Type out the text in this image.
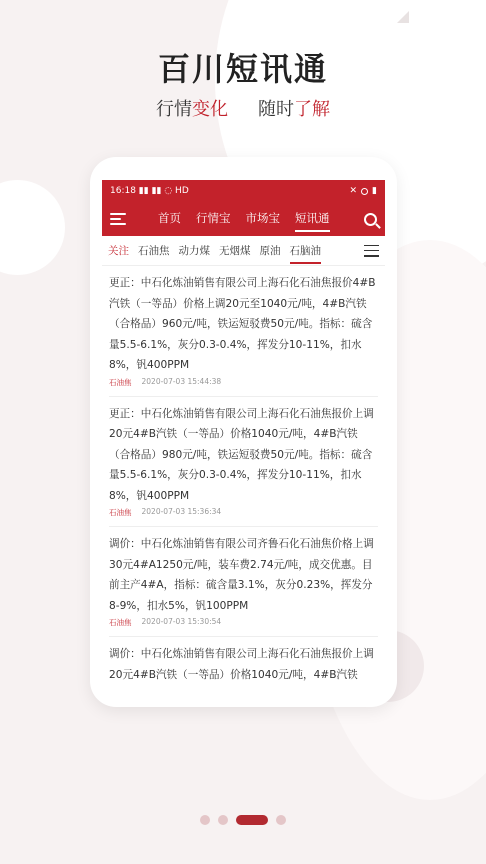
8:21
百川短讯通
行情变化 随时了解
16:18 ▮▮ ▮▮ ◌ HD	✕ ▮
首页 行情宝 市场宝 短讯通
关注 石油焦 动力煤 无烟煤 原油 石脑油
更正：中石化炼油销售有限公司上海石化石油焦报价4#B汽铁（一等品）价格上调20元至1040元/吨，4#B汽铁（合格品）960元/吨，铁运短驳费50元/吨。指标：硫含量5.5-6.1%，灰分0.3-0.4%，挥发分10-11%，扣水8%，钒400PPM
石油焦 2020-07-03 15:44:38
更正：中石化炼油销售有限公司上海石化石油焦报价上调20元4#B汽铁（一等品）价格1040元/吨，4#B汽铁（合格品）980元/吨，铁运短驳费50元/吨。指标：硫含量5.5-6.1%，灰分0.3-0.4%，挥发分10-11%，扣水8%，钒400PPM
石油焦 2020-07-03 15:36:34
调价：中石化炼油销售有限公司齐鲁石化石油焦价格上调30元4#A1250元/吨，装车费2.74元/吨，成交优惠。目前主产4#A，指标：硫含量3.1%，灰分0.23%，挥发分8-9%，扣水5%，钒100PPM
石油焦 2020-07-03 15:30:54
调价：中石化炼油销售有限公司上海石化石油焦报价上调20元4#B汽铁（一等品）价格1040元/吨，4#B汽铁
